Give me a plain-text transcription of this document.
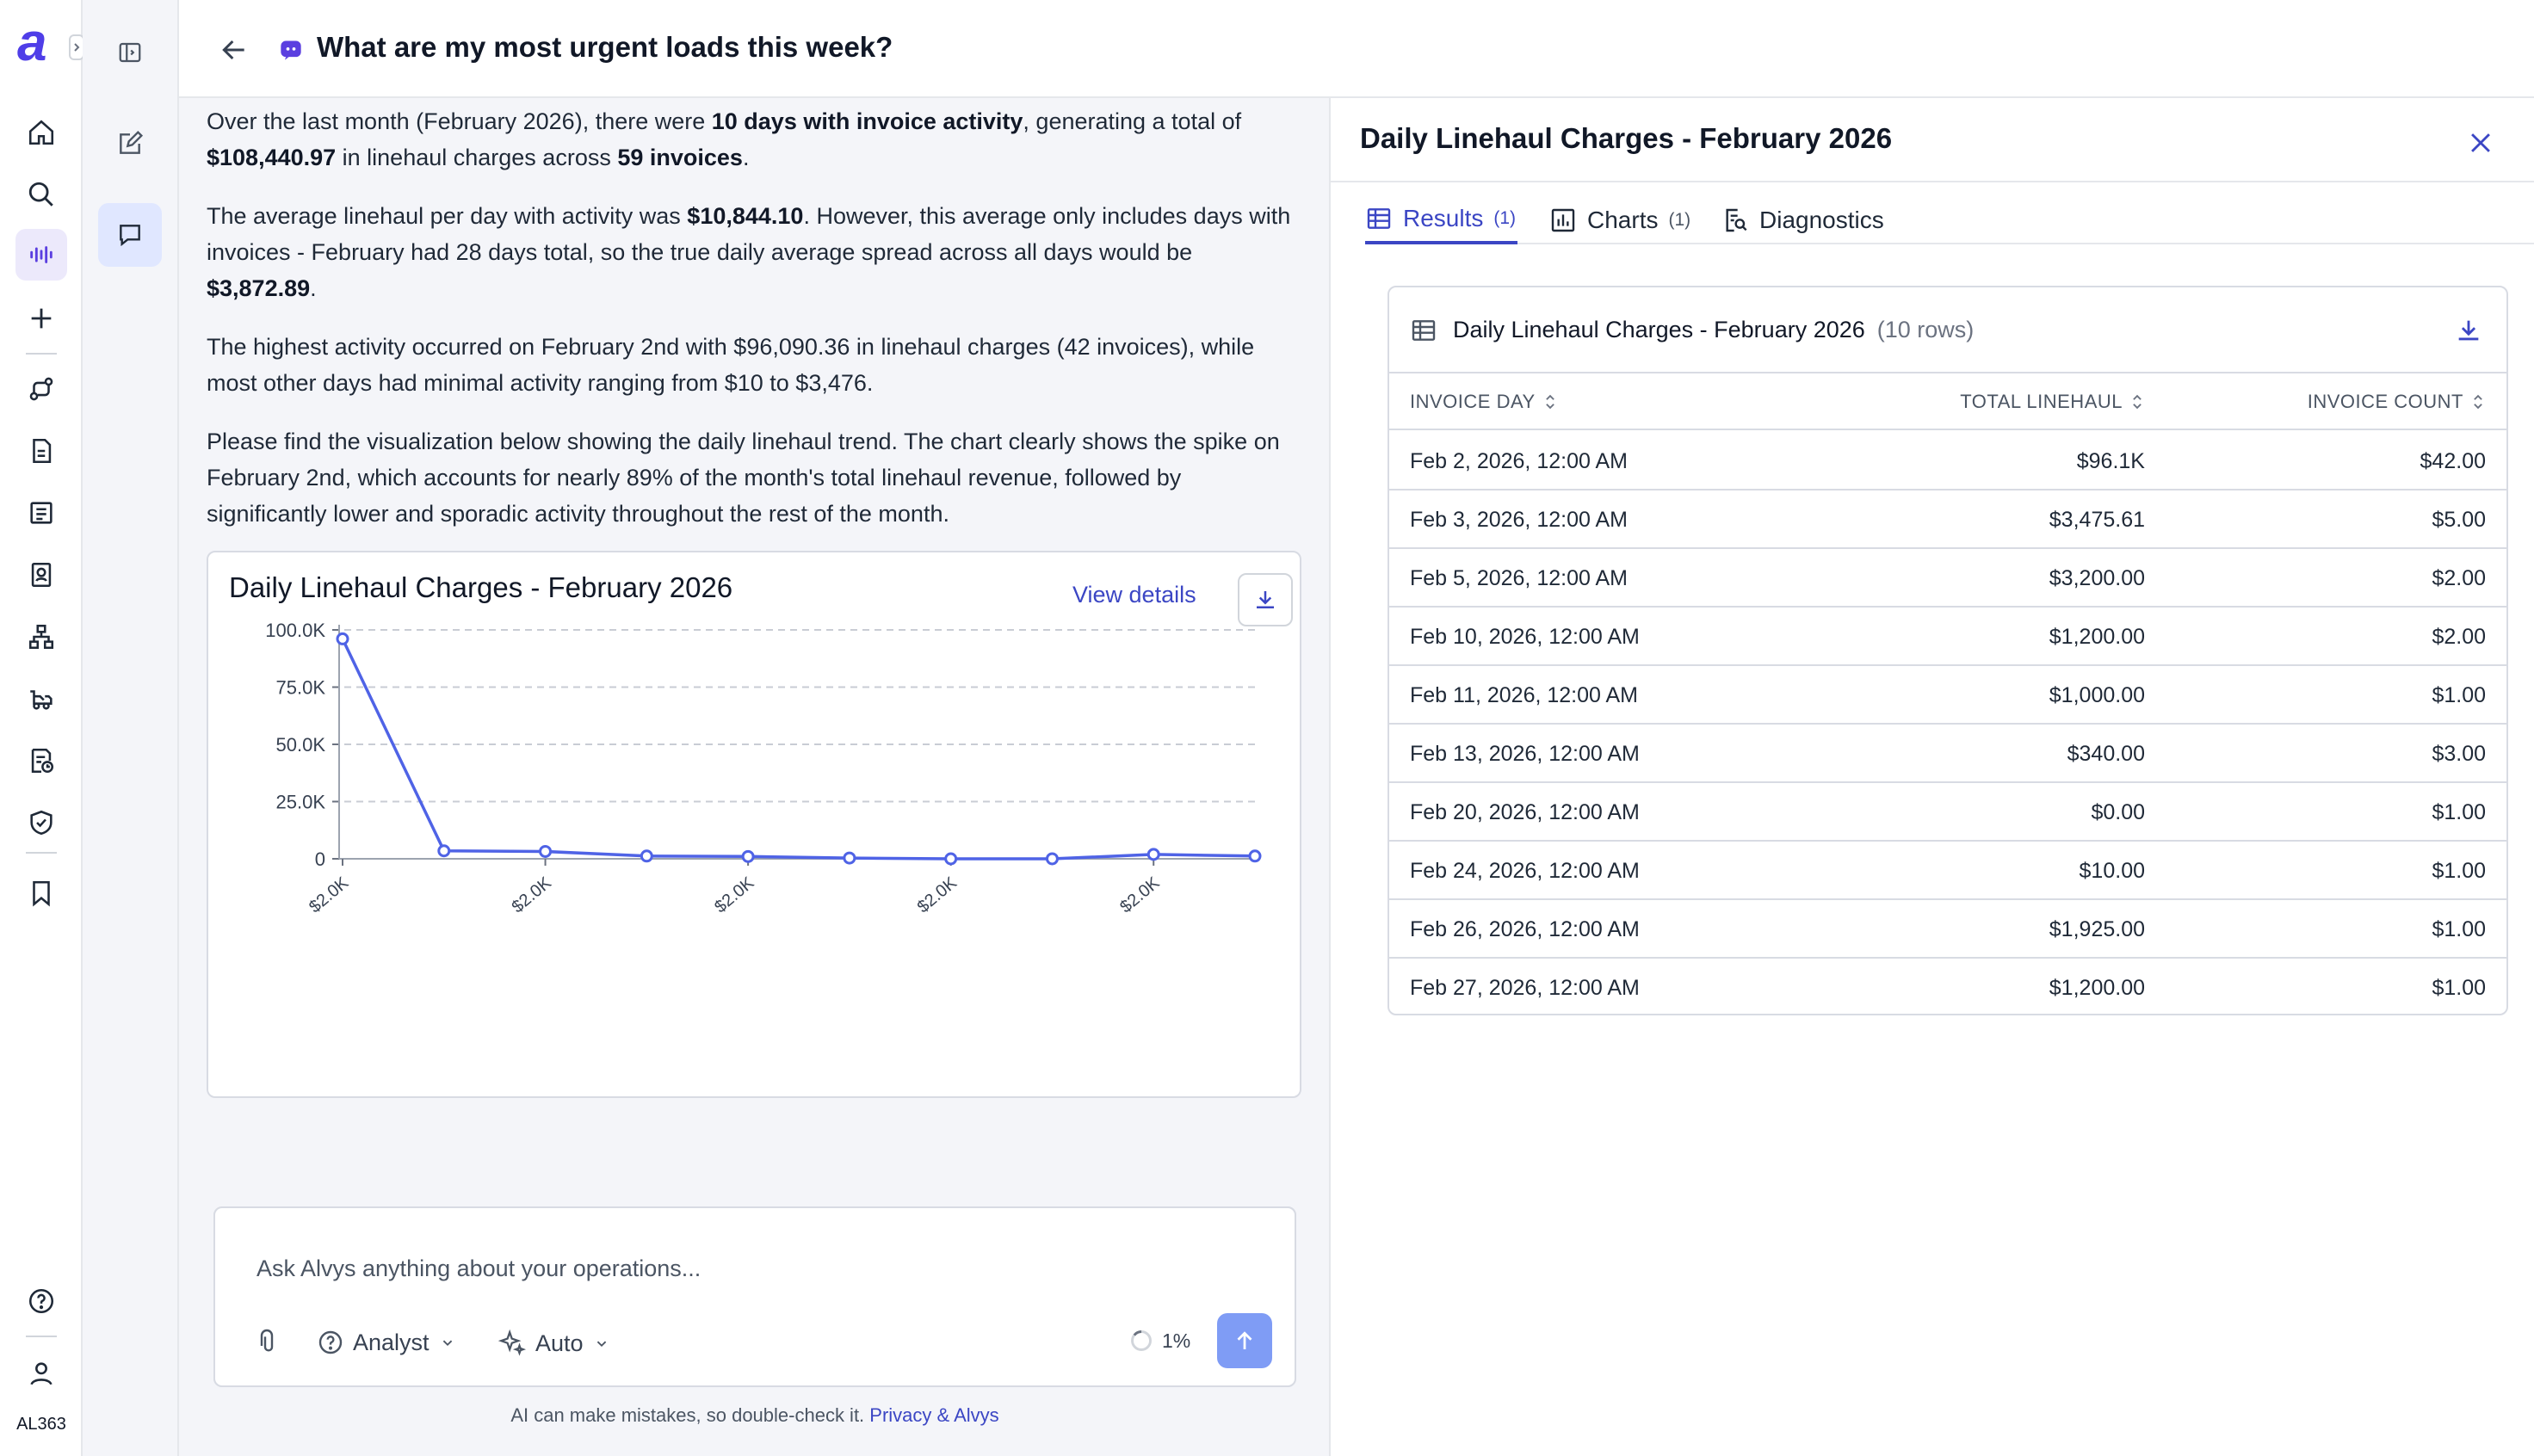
a
AL363
What are my most urgent loads this week?
Over the last month (February 2026), there were 10 days with invoice activity, generating a total of $108,440.97 in linehaul charges across 59 invoices.
The average linehaul per day with activity was $10,844.10. However, this average only includes days with invoices - February had 28 days total, so the true daily average spread across all days would be $3,872.89.
The highest activity occurred on February 2nd with $96,090.36 in linehaul charges (42 invoices), while most other days had minimal activity ranging from $10 to $3,476.
Please find the visualization below showing the daily linehaul trend. The chart clearly shows the spike on February 2nd, which accounts for nearly 89% of the month's total linehaul revenue, followed by significantly lower and sporadic activity throughout the rest of the month.
0
25.0K
50.0K
75.0K
100.0K
$2.0K	$2.0K	$2.0K	$2.0K	$2.0K
Daily Linehaul Charges - February 2026	View details
Ask Alvys anything about your operations...
Analyst	Auto	1%
AI can make mistakes, so double-check it. Privacy & Alvys
Daily Linehaul Charges - February 2026
Results (1)	Charts (1)	Diagnostics
Daily Linehaul Charges - February 2026 (10 rows)
INVOICE DAY	TOTAL LINEHAUL	INVOICE COUNT
Feb 2, 2026, 12:00 AM	$96.1K	$42.00
Feb 3, 2026, 12:00 AM	$3,475.61	$5.00
Feb 5, 2026, 12:00 AM	$3,200.00	$2.00
Feb 10, 2026, 12:00 AM	$1,200.00	$2.00
Feb 11, 2026, 12:00 AM	$1,000.00	$1.00
Feb 13, 2026, 12:00 AM	$340.00	$3.00
Feb 20, 2026, 12:00 AM	$0.00	$1.00
Feb 24, 2026, 12:00 AM	$10.00	$1.00
Feb 26, 2026, 12:00 AM	$1,925.00	$1.00
Feb 27, 2026, 12:00 AM	$1,200.00	$1.00
